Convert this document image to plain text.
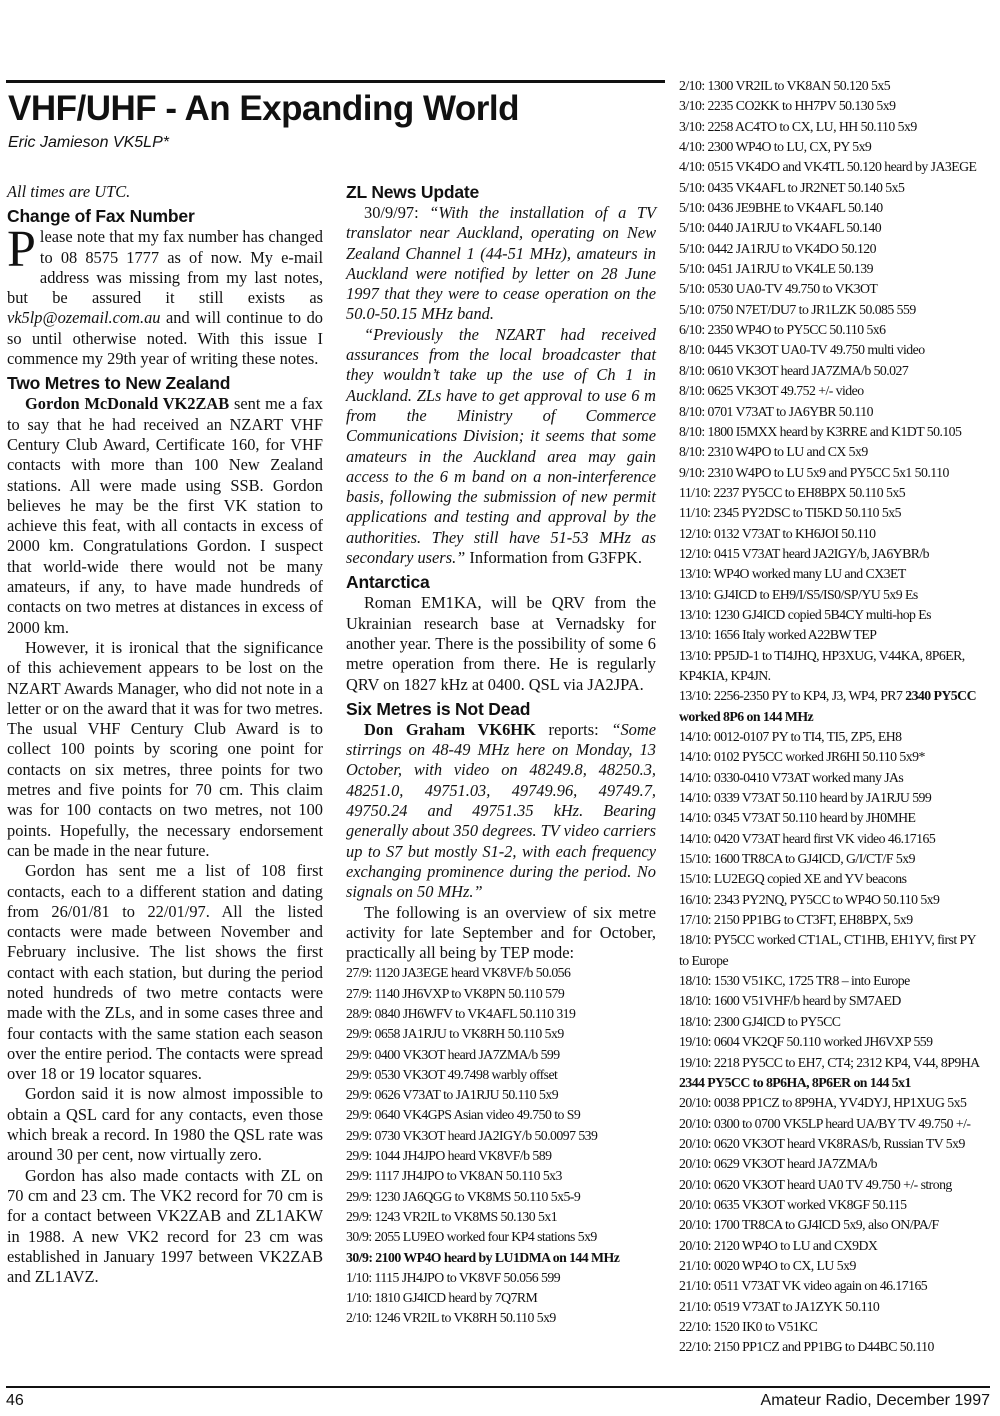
VHF/UHF - An Expanding World
Eric Jamieson VK5LP*

All times are UTC.

Change of Fax Number

Please note that my fax number has changed to 08 8575 1777 as of now. My e-mail address was missing from my last notes, but be assured it still exists as vk5lp@ozemail.com.au and will continue to do so until otherwise noted. With this issue I commence my 29th year of writing these notes.

Two Metres to New Zealand

Gordon McDonald VK2ZAB sent me a fax to say that he had received an NZART VHF Century Club Award, Certificate 160, for VHF contacts with more than 100 New Zealand stations. All were made using SSB. Gordon believes he may be the first VK station to achieve this feat, with all contacts in excess of 2000 km. Congratulations Gordon. I suspect that world-wide there would not be many amateurs, if any, to have made hundreds of contacts on two metres at distances in excess of 2000 km.

However, it is ironical that the significance of this achievement appears to be lost on the NZART Awards Manager, who did not note in a letter or on the award that it was for two metres. The usual VHF Century Club Award is to collect 100 points by scoring one point for contacts on six metres, three points for two metres and five points for 70 cm. This claim was for 100 contacts on two metres, not 100 points. Hopefully, the necessary endorsement can be made in the near future.

Gordon has sent me a list of 108 first contacts, each to a different station and dating from 26/01/81 to 22/01/97. All the listed contacts were made between November and February inclusive. The list shows the first contact with each station, but during the period noted hundreds of two metre contacts were made with the ZLs, and in some cases three and four contacts with the same station each season over the entire period. The contacts were spread over 18 or 19 locator squares.

Gordon said it is now almost impossible to obtain a QSL card for any contacts, even those which break a record. In 1980 the QSL rate was around 30 per cent, now virtually zero.

Gordon has also made contacts with ZL on 70 cm and 23 cm. The VK2 record for 70 cm is for a contact between VK2ZAB and ZL1AKW in 1988. A new VK2 record for 23 cm was established in January 1997 between VK2ZAB and ZL1AVZ.

ZL News Update

30/9/97: “With the installation of a TV translator near Auckland, operating on New Zealand Channel 1 (44-51 MHz), amateurs in Auckland were notified by letter on 28 June 1997 that they were to cease operation on the 50.0-50.15 MHz band.

“Previously the NZART had received assurances from the local broadcaster that they wouldn’t take up the use of Ch 1 in Auckland. ZLs have to get approval to use 6 m from the Ministry of Commerce Communications Division; it seems that some amateurs in the Auckland area may gain access to the 6 m band on a non-interference basis, following the submission of new permit applications and testing and approval by the authorities. They still have 51-53 MHz as secondary users.” Information from G3FPK.

Antarctica

Roman EM1KA, will be QRV from the Ukrainian research base at Vernadsky for another year. There is the possibility of some 6 metre operation from there. He is regularly QRV on 1827 kHz at 0400. QSL via JA2JPA.

Six Metres is Not Dead

Don Graham VK6HK reports: “Some stirrings on 48-49 MHz here on Monday, 13 October, with video on 48249.8, 48250.3, 48251.0, 49751.03, 49749.96, 49749.7, 49750.24 and 49751.35 kHz. Bearing generally about 350 degrees. TV video carriers up to S7 but mostly S1-2, with each frequency exchanging prominence during the period. No signals on 50 MHz.”

The following is an overview of six metre activity for late September and for October, practically all being by TEP mode:

27/9: 1120 JA3EGE heard VK8VF/b 50.056
27/9: 1140 JH6VXP to VK8PN 50.110 579
28/9: 0840 JH6WFV to VK4AFL 50.110 319
29/9: 0658 JA1RJU to VK8RH 50.110 5x9
29/9: 0400 VK3OT heard JA7ZMA/b 599
29/9: 0530 VK3OT 49.7498 warbly offset
29/9: 0626 V73AT to JA1RJU 50.110 5x9
29/9: 0640 VK4GPS Asian video 49.750 to S9
29/9: 0730 VK3OT heard JA2IGY/b 50.0097 539
29/9: 1044 JH4JPO heard VK8VF/b 589
29/9: 1117 JH4JPO to VK8AN 50.110 5x3
29/9: 1230 JA6QGG to VK8MS 50.110 5x5-9
29/9: 1243 VR2IL to VK8MS 50.130 5x1
30/9: 2055 LU9EO worked four KP4 stations 5x9
30/9: 2100 WP4O heard by LU1DMA on 144 MHz
1/10: 1115 JH4JPO to VK8VF 50.056 599
1/10: 1810 GJ4ICD heard by 7Q7RM
2/10: 1246 VR2IL to VK8RH 50.110 5x9
2/10: 1300 VR2IL to VK8AN 50.120 5x5
3/10: 2235 CO2KK to HH7PV 50.130 5x9
3/10: 2258 AC4TO to CX, LU, HH 50.110 5x9
4/10: 2300 WP4O to LU, CX, PY 5x9
4/10: 0515 VK4DO and VK4TL 50.120 heard by JA3EGE
5/10: 0435 VK4AFL to JR2NET 50.140 5x5
5/10: 0436 JE9BHE to VK4AFL 50.140
5/10: 0440 JA1RJU to VK4AFL 50.140
5/10: 0442 JA1RJU to VK4DO 50.120
5/10: 0451 JA1RJU to VK4LE 50.139
5/10: 0530 UA0-TV 49.750 to VK3OT
5/10: 0750 N7ET/DU7 to JR1LZK 50.085 559
6/10: 2350 WP4O to PY5CC 50.110 5x6
8/10: 0445 VK3OT UA0-TV 49.750 multi video
8/10: 0610 VK3OT heard JA7ZMA/b 50.027
8/10: 0625 VK3OT 49.752 +/- video
8/10: 0701 V73AT to JA6YBR 50.110
8/10: 1800 I5MXX heard by K3RRE and K1DT 50.105
8/10: 2310 W4PO to LU and CX 5x9
9/10: 2310 W4PO to LU 5x9 and PY5CC 5x1 50.110
11/10: 2237 PY5CC to EH8BPX 50.110 5x5
11/10: 2345 PY2DSC to TI5KD 50.110 5x5
12/10: 0132 V73AT to KH6JOI 50.110
12/10: 0415 V73AT heard JA2IGY/b, JA6YBR/b
13/10: WP4O worked many LU and CX3ET
13/10: GJ4ICD to EH9/I/S5/IS0/SP/YU 5x9 Es
13/10: 1230 GJ4ICD copied 5B4CY multi-hop Es
13/10: 1656 Italy worked A22BW TEP
13/10: PP5JD-1 to TI4JHQ, HP3XUG, V44KA, 8P6ER,
KP4KIA, KP4JN.
13/10: 2256-2350 PY to KP4, J3, WP4, PR7 2340 PY5CC
worked 8P6 on 144 MHz
14/10: 0012-0107 PY to TI4, TI5, ZP5, EH8
14/10: 0102 PY5CC worked JR6HI 50.110 5x9*
14/10: 0330-0410 V73AT worked many JAs
14/10: 0339 V73AT 50.110 heard by JA1RJU 599
14/10: 0345 V73AT 50.110 heard by JH0MHE
14/10: 0420 V73AT heard first VK video 46.17165
15/10: 1600 TR8CA to GJ4ICD, G/I/CT/F 5x9
15/10: LU2EGQ copied XE and YV beacons
16/10: 2343 PY2NQ, PY5CC to WP4O 50.110 5x9
17/10: 2150 PP1BG to CT3FT, EH8BPX, 5x9
18/10: PY5CC worked CT1AL, CT1HB, EH1YV, first PY
to Europe
18/10: 1530 V51KC, 1725 TR8 – into Europe
18/10: 1600 V51VHF/b heard by SM7AED
18/10: 2300 GJ4ICD to PY5CC
19/10: 0604 VK2QF 50.110 worked JH6VXP 559
19/10: 2218 PY5CC to EH7, CT4; 2312 KP4, V44, 8P9HA
2344 PY5CC to 8P6HA, 8P6ER on 144 5x1
20/10: 0038 PP1CZ to 8P9HA, YV4DYJ, HP1XUG 5x5
20/10: 0300 to 0700 VK5LP heard UA/BY TV 49.750 +/-
20/10: 0620 VK3OT heard VK8RAS/b, Russian TV 5x9
20/10: 0629 VK3OT heard JA7ZMA/b
20/10: 0620 VK3OT heard UA0 TV 49.750 +/- strong
20/10: 0635 VK3OT worked VK8GF 50.115
20/10: 1700 TR8CA to GJ4ICD 5x9, also ON/PA/F
20/10: 2120 WP4O to LU and CX9DX
21/10: 0020 WP4O to CX, LU 5x9
21/10: 0511 V73AT VK video again on 46.17165
21/10: 0519 V73AT to JA1ZYK 50.110
22/10: 1520 IK0 to V51KC
22/10: 2150 PP1CZ and PP1BG to D44BC 50.110
46	Amateur Radio, December 1997
